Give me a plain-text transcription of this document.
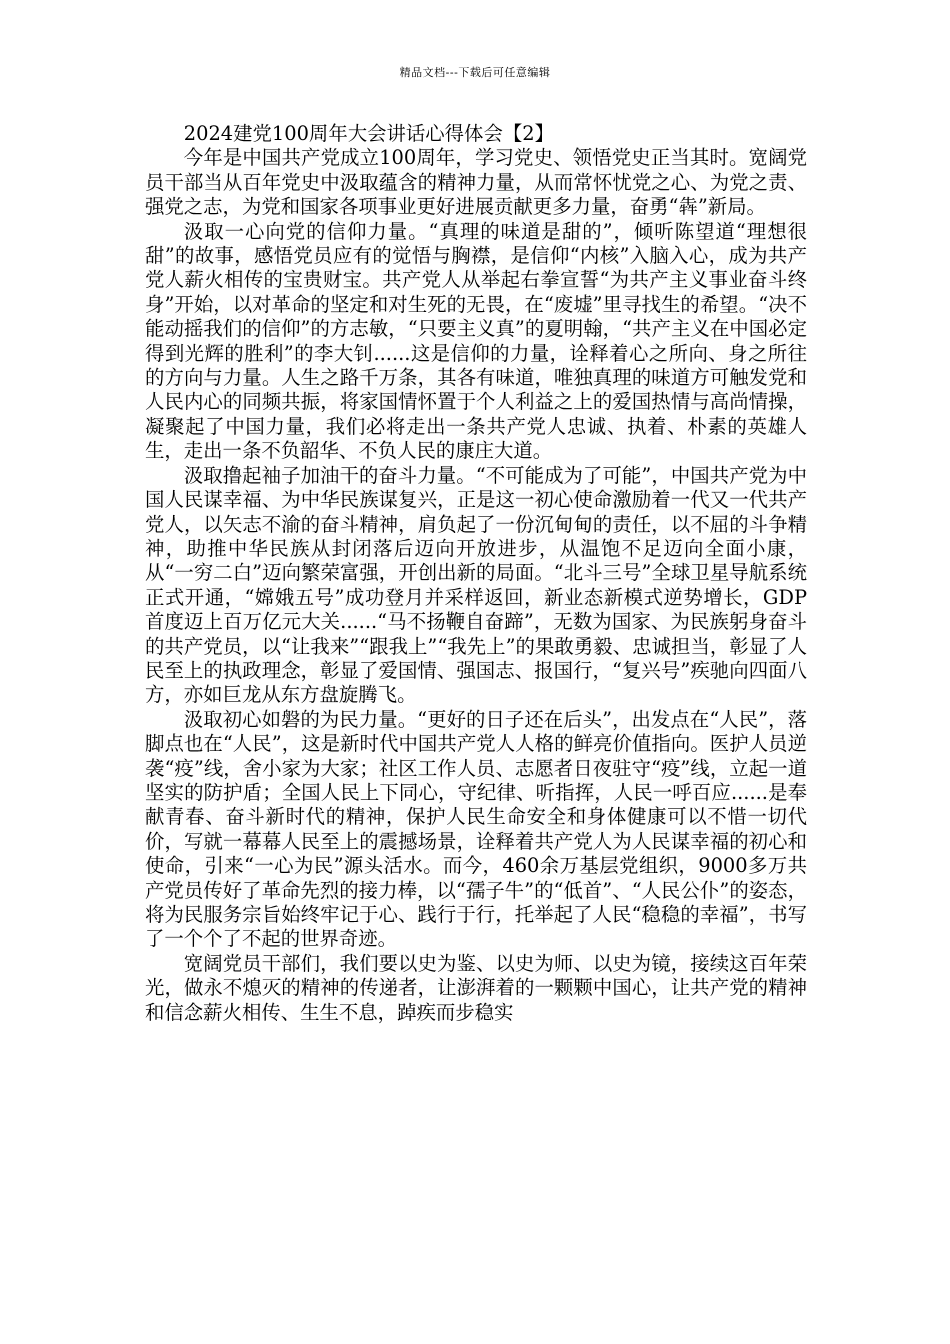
精品文档---下载后可任意编辑

2024建党100周年大会讲话心得体会【2】

今年是中国共产党成立100周年，学习党史、领悟党史正当其时。宽阔党员干部当从百年党史中汲取蕴含的精神力量，从而常怀忧党之心、为党之责、强党之志，为党和国家各项事业更好进展贡献更多力量，奋勇“犇”新局。

汲取一心向党的信仰力量。“真理的味道是甜的”，倾听陈望道“理想很甜”的故事，感悟党员应有的觉悟与胸襟，是信仰“内核”入脑入心，成为共产党人薪火相传的宝贵财宝。共产党人从举起右拳宣誓“为共产主义事业奋斗终身”开始，以对革命的坚定和对生死的无畏，在“废墟”里寻找生的希望。“决不能动摇我们的信仰”的方志敏，“只要主义真”的夏明翰，“共产主义在中国必定得到光辉的胜利”的李大钊......这是信仰的力量，诠释着心之所向、身之所往的方向与力量。人生之路千万条，其各有味道，唯独真理的味道方可触发党和人民内心的同频共振，将家国情怀置于个人利益之上的爱国热情与高尚情操，凝聚起了中国力量，我们必将走出一条共产党人忠诚、执着、朴素的英雄人生，走出一条不负韶华、不负人民的康庄大道。

汲取撸起袖子加油干的奋斗力量。“不可能成为了可能”，中国共产党为中国人民谋幸福、为中华民族谋复兴，正是这一初心使命激励着一代又一代共产党人，以矢志不渝的奋斗精神，肩负起了一份沉甸甸的责任，以不屈的斗争精神，助推中华民族从封闭落后迈向开放进步，从温饱不足迈向全面小康，从“一穷二白”迈向繁荣富强，开创出新的局面。“北斗三号”全球卫星导航系统正式开通，“嫦娥五号”成功登月并采样返回，新业态新模式逆势增长，GDP首度迈上百万亿元大关......“马不扬鞭自奋蹄”，无数为国家、为民族躬身奋斗的共产党员，以“让我来”“跟我上”“我先上”的果敢勇毅、忠诚担当，彰显了人民至上的执政理念，彰显了爱国情、强国志、报国行，“复兴号”疾驰向四面八方，亦如巨龙从东方盘旋腾飞。

汲取初心如磐的为民力量。“更好的日子还在后头”，出发点在“人民”，落脚点也在“人民”，这是新时代中国共产党人人格的鲜亮价值指向。医护人员逆袭“疫”线，舍小家为大家；社区工作人员、志愿者日夜驻守“疫”线，立起一道坚实的防护盾；全国人民上下同心，守纪律、听指挥，人民一呼百应......是奉献青春、奋斗新时代的精神，保护人民生命安全和身体健康可以不惜一切代价，写就一幕幕人民至上的震撼场景，诠释着共产党人为人民谋幸福的初心和使命，引来“一心为民”源头活水。而今，460余万基层党组织，9000多万共产党员传好了革命先烈的接力棒，以“孺子牛”的“低首”、“人民公仆”的姿态，将为民服务宗旨始终牢记于心、践行于行，托举起了人民“稳稳的幸福”，书写了一个个了不起的世界奇迹。

宽阔党员干部们，我们要以史为鉴、以史为师、以史为镜，接续这百年荣光，做永不熄灭的精神的传递者，让澎湃着的一颗颗中国心，让共产党的精神和信念薪火相传、生生不息，踔疾而步稳实
